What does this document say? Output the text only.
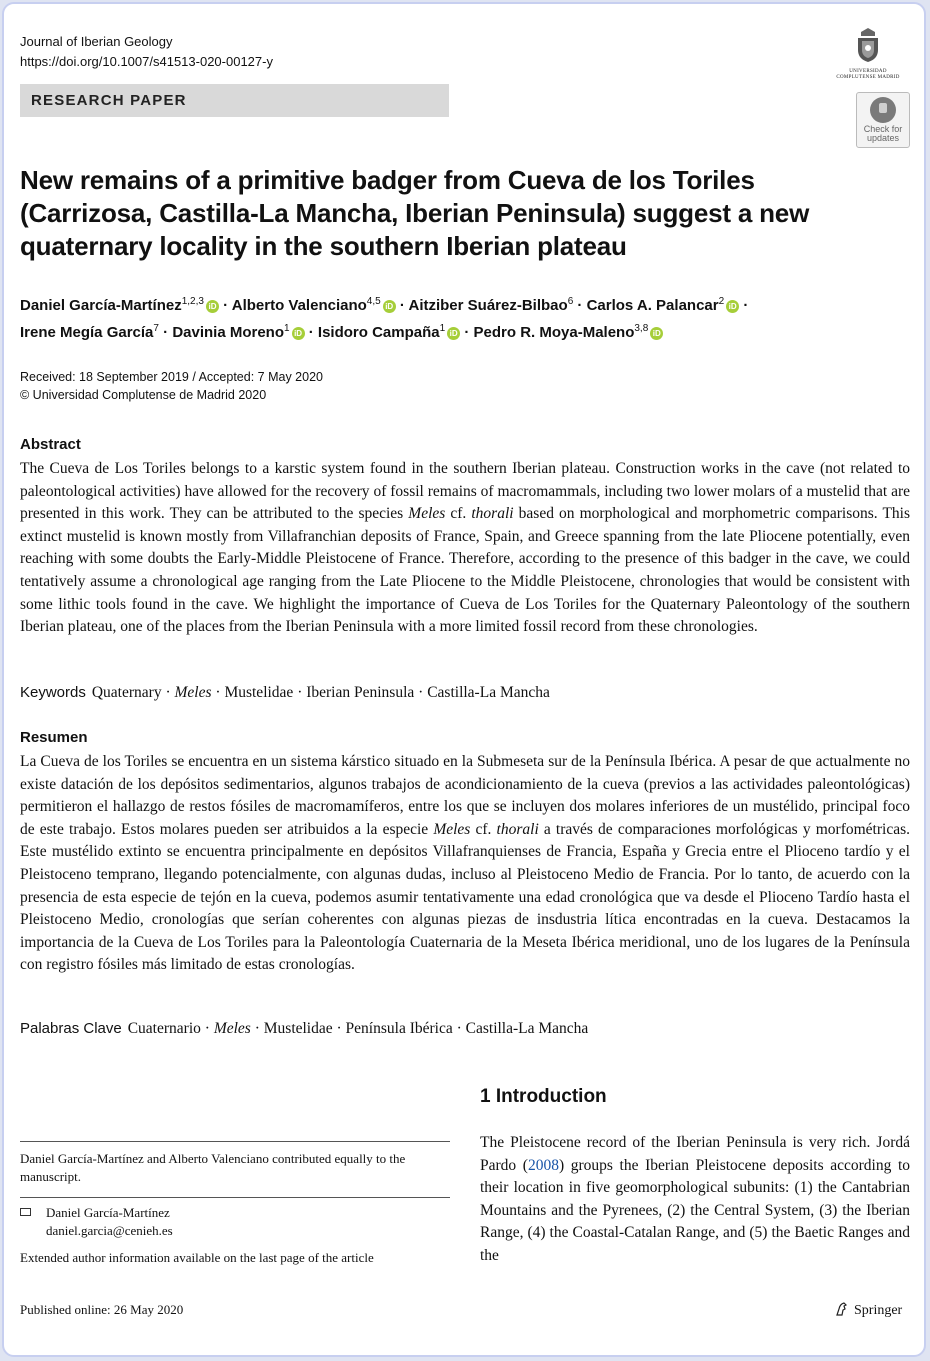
Journal of Iberian Geology
https://doi.org/10.1007/s41513-020-00127-y
UNIVERSIDAD COMPLUTENSE MADRID
RESEARCH PAPER
Check for updates
New remains of a primitive badger from Cueva de los Toriles (Carrizosa, Castilla-La Mancha, Iberian Peninsula) suggest a new quaternary locality in the southern Iberian plateau
Daniel García-Martínez$^{1,2,3}$ iD · Alberto Valenciano$^{4,5}$ iD · Aitziber Suárez-Bilbao$^6$ · Carlos A. Palancar$^2$ iD ·
Irene Megía García$^7$ · Davinia Moreno$^1$ iD · Isidoro Campaña$^1$ iD · Pedro R. Moya-Maleno$^{3,8}$ iD
Received: 18 September 2019 / Accepted: 7 May 2020
© Universidad Complutense de Madrid 2020
Abstract
The Cueva de Los Toriles belongs to a karstic system found in the southern Iberian plateau. Construction works in the cave (not related to paleontological activities) have allowed for the recovery of fossil remains of macromammals, including two lower molars of a mustelid that are presented in this work. They can be attributed to the species Meles cf. thorali based on morphological and morphometric comparisons. This extinct mustelid is known mostly from Villafranchian deposits of France, Spain, and Greece spanning from the late Pliocene potentially, even reaching with some doubts the Early-Middle Pleistocene of France. Therefore, according to the presence of this badger in the cave, we could tentatively assume a chronological age ranging from the Late Pliocene to the Middle Pleistocene, chronologies that would be consistent with some lithic tools found in the cave. We highlight the importance of Cueva de Los Toriles for the Quaternary Paleontology of the southern Iberian plateau, one of the places from the Iberian Peninsula with a more limited fossil record from these chronologies.
Keywords Quaternary · Meles · Mustelidae · Iberian Peninsula · Castilla-La Mancha
Resumen
La Cueva de los Toriles se encuentra en un sistema kárstico situado en la Submeseta sur de la Península Ibérica. A pesar de que actualmente no existe datación de los depósitos sedimentarios, algunos trabajos de acondicionamiento de la cueva (previos a las actividades paleontológicas) permitieron el hallazgo de restos fósiles de macromamíferos, entre los que se incluyen dos molares inferiores de un mustélido, principal foco de este trabajo. Estos molares pueden ser atribuidos a la especie Meles cf. thorali a través de comparaciones morfológicas y morfométricas. Este mustélido extinto se encuentra principalmente en depósitos Villafranquienses de Francia, España y Grecia entre el Plioceno tardío y el Pleistoceno temprano, llegando potencialmente, con algunas dudas, incluso al Pleistoceno Medio de Francia. Por lo tanto, de acuerdo con la presencia de esta especie de tejón en la cueva, podemos asumir tentativamente una edad cronológica que va desde el Plioceno Tardío hasta el Pleistoceno Medio, cronologías que serían coherentes con algunas piezas de insdustria lítica encontradas en la cueva. Destacamos la importancia de la Cueva de Los Toriles para la Paleontología Cuaternaria de la Meseta Ibérica meridional, uno de los lugares de la Península con registro fósiles más limitado de estas cronologías.
Palabras Clave Cuaternario · Meles · Mustelidae · Península Ibérica · Castilla-La Mancha
1 Introduction
The Pleistocene record of the Iberian Peninsula is very rich. Jordá Pardo (2008) groups the Iberian Pleistocene deposits according to their location in five geomorphological subunits: (1) the Cantabrian Mountains and the Pyrenees, (2) the Central System, (3) the Iberian Range, (4) the Coastal-Catalan Range, and (5) the Baetic Ranges and the
Daniel García-Martínez and Alberto Valenciano contributed equally to the manuscript.
Daniel García-Martínez
daniel.garcia@cenieh.es
Extended author information available on the last page of the article
Published online: 26 May 2020	Springer
